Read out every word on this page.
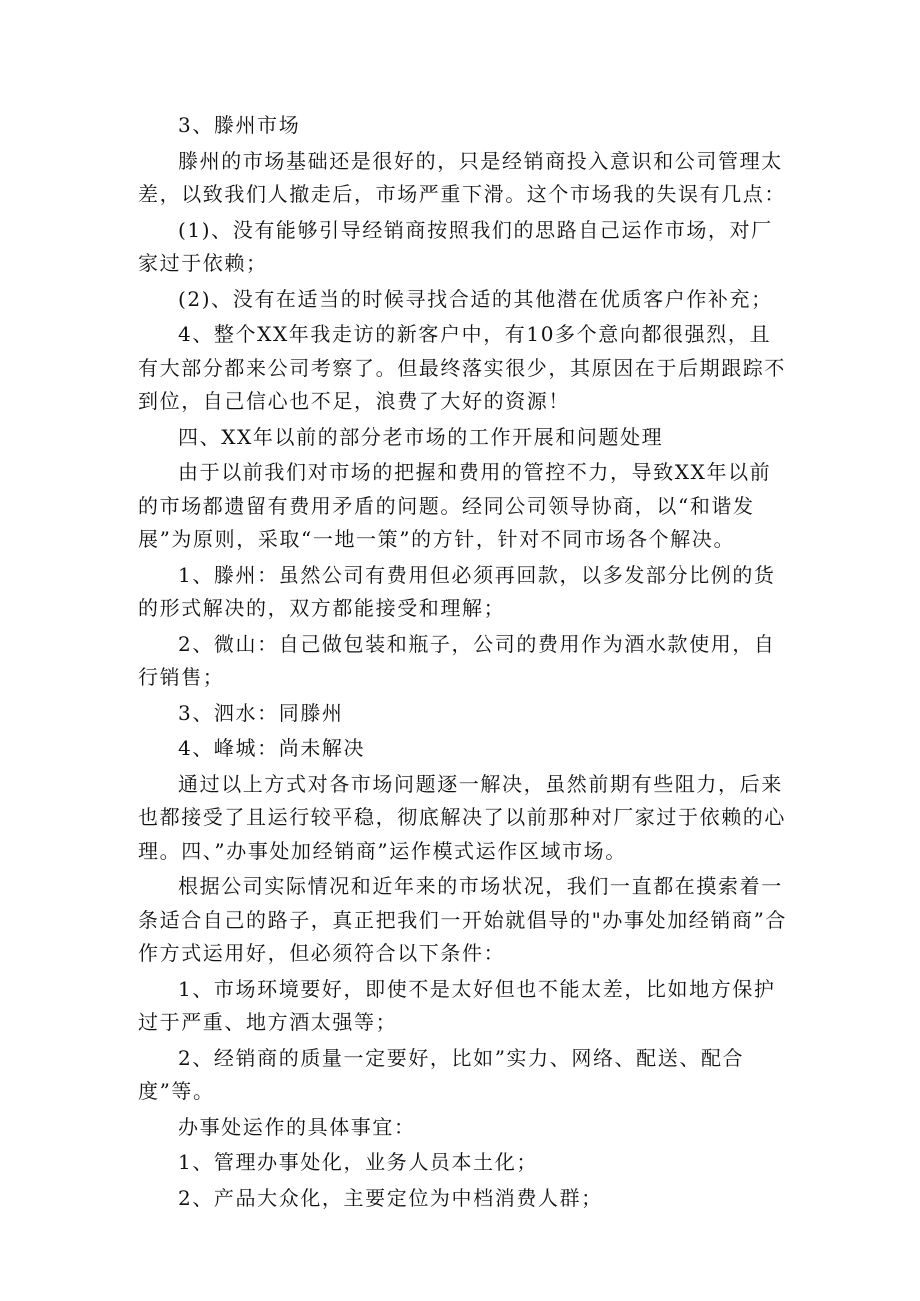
3、滕州市场

滕州的市场基础还是很好的，只是经销商投入意识和公司管理太差，以致我们人撤走后，市场严重下滑。这个市场我的失误有几点：

(1)、没有能够引导经销商按照我们的思路自己运作市场，对厂家过于依赖；

(2)、没有在适当的时候寻找合适的其他潜在优质客户作补充；

4、整个XX年我走访的新客户中，有10多个意向都很强烈，且有大部分都来公司考察了。但最终落实很少，其原因在于后期跟踪不到位，自己信心也不足，浪费了大好的资源！

四、XX年以前的部分老市场的工作开展和问题处理

由于以前我们对市场的把握和费用的管控不力，导致XX年以前的市场都遗留有费用矛盾的问题。经同公司领导协商，以“和谐发展”为原则，采取“一地一策”的方针，针对不同市场各个解决。

1、滕州：虽然公司有费用但必须再回款，以多发部分比例的货的形式解决的，双方都能接受和理解；

2、微山：自己做包装和瓶子，公司的费用作为酒水款使用，自行销售；

3、泗水：同滕州

4、峰城：尚未解决

通过以上方式对各市场问题逐一解决，虽然前期有些阻力，后来也都接受了且运行较平稳，彻底解决了以前那种对厂家过于依赖的心理。四、”办事处加经销商”运作模式运作区域市场。

根据公司实际情况和近年来的市场状况，我们一直都在摸索着一条适合自己的路子，真正把我们一开始就倡导的"办事处加经销商”合作方式运用好，但必须符合以下条件：

1、市场环境要好，即使不是太好但也不能太差，比如地方保护过于严重、地方酒太强等；

2、经销商的质量一定要好，比如”实力、网络、配送、配合度”等。

办事处运作的具体事宜：

1、管理办事处化，业务人员本土化；

2、产品大众化，主要定位为中档消费人群；
